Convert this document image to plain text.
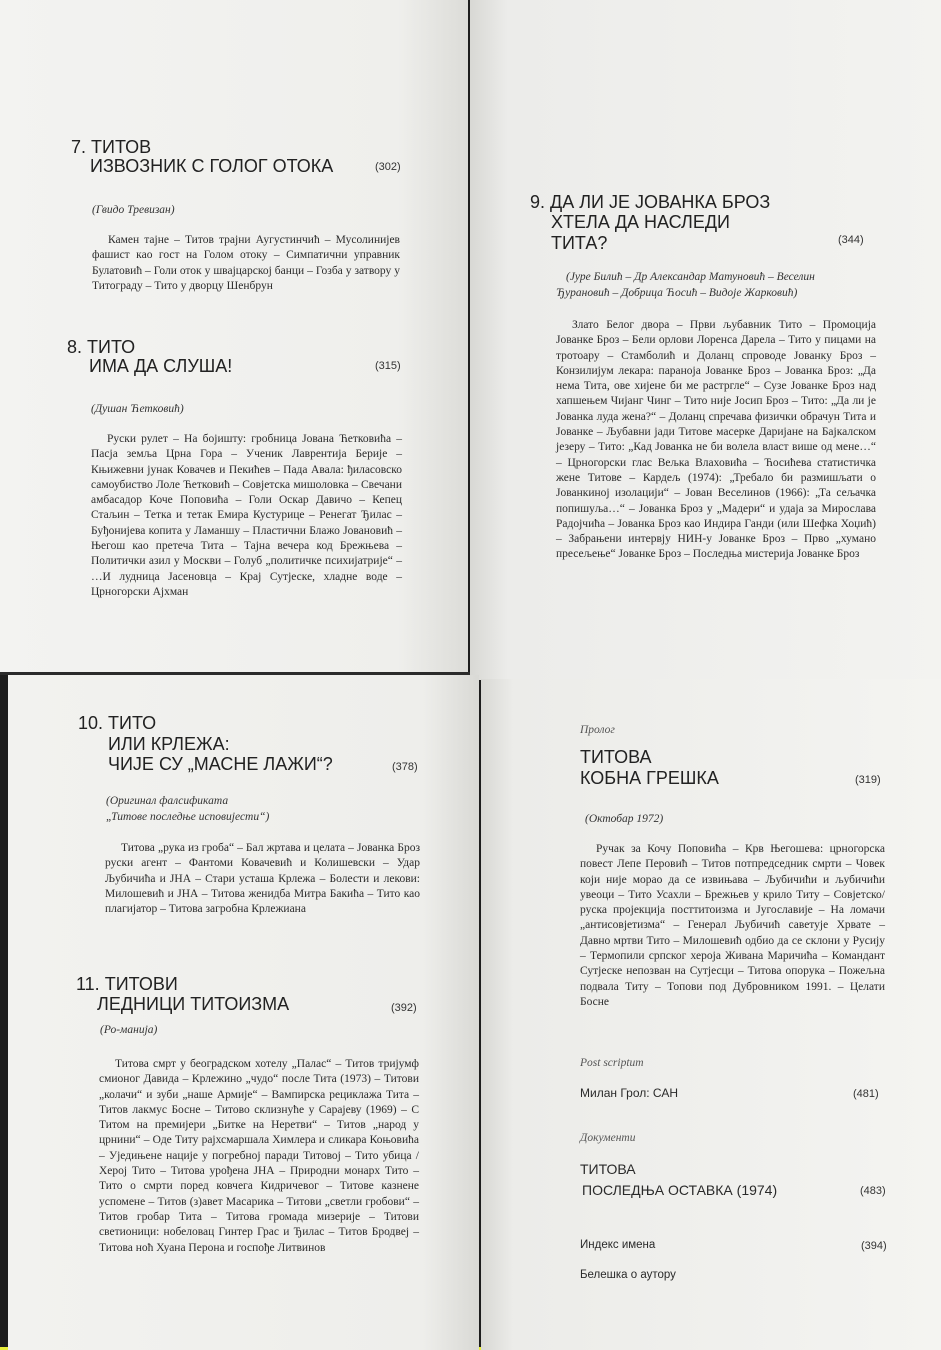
7. ТИТОВ
ИЗВОЗНИК С ГОЛОГ ОТОКА	(302)
(Гвидо Тревизан)

Камен тајне – Титов трајни Аугустинчић – Мусолинијев фашист као гост на Голом отоку – Симпатични управник Булатовић – Голи оток у швајцарској банци – Гозба у затвору у Титограду – Тито у дворцу Шенбрун

8. ТИТО
ИМА ДА СЛУША!	(315)
(Душан Ћетковић)

Руски рулет – На бојишту: гробница Јована Ћетковића – Пасја земља Црна Гора – Ученик Лаврентија Берије – Књижевни јунак Ковачев и Пекићев – Пада Авала: ђиласовско самоубиство Лоле Ћетковић – Совјетска мишоловка – Свечани амбасадор Коче Поповића – Голи Оскар Давичо – Кепец Стаљин – Тетка и тетак Емира Кустурице – Ренегат Ђилас – Буђонијева копита у Ламаншу – Пластични Блажо Јовановић – Његош као претеча Тита – Тајна вечера код Брежњева – Политички азил у Москви – Голуб „политичке психијатрије“ – …И лудница Јасеновца – Крај Сутјеске, хладне воде – Црногорски Ајхман

9. ДА ЛИ ЈЕ ЈОВАНКА БРОЗ
ХТЕЛА ДА НАСЛЕДИ
ТИТА?	(344)
(Јуре Билић – Др Александар Матуновић – Веселин
Ђурановић – Добрица Ћосић – Видоје Жарковић)

Злато Белог двора – Први љубавник Тито – Промоција Јованке Броз – Бели орлови Лоренса Дарела – Тито у пицами на тротоару – Стамболић и Доланц спроводе Јованку Броз – Конзилијум лекара: параноја Јованке Броз – Јованка Броз: „Да нема Тита, ове хијене би ме растргле“ – Сузе Јованке Броз над хапшењем Чијанг Чинг – Тито није Јосип Броз – Тито: „Да ли је Јованка луда жена?“ – Доланц спречава физички обрачун Тита и Јованке – Љубавни јади Титове масерке Даријане на Бајкалском језеру – Тито: „Кад Јованка не би волела власт више од мене…“ – Црногорски глас Вељка Влаховића – Ћосићева статистичка жене Титове – Кардељ (1974): „Требало би размишљати о Јованкиној изолацији“ – Јован Веселинов (1966): „Та сељачка попишуља…“ – Јованка Броз у „Мадери“ и удаја за Мирослава Радојчића – Јованка Броз као Индира Ганди (или Шефка Хоџић) – Забрањени интервју НИН-у Јованке Броз – Прво „хумано пресељење“ Јованке Броз – Последња мистерија Јованке Броз

10. ТИТО
ИЛИ КРЛЕЖА:
ЧИЈЕ СУ „МАСНЕ ЛАЖИ“?	(378)
(Оригинал фалсификата
„Титове последње исповијести“)

Титова „рука из гроба“ – Бал жртава и целата – Јованка Броз руски агент – Фантоми Ковачевић и Колишевски – Удар Љубичића и ЈНА – Стари усташа Крлежа – Болести и лекови: Милошевић и ЈНА – Титова женидба Митра Бакића – Тито као плагијатор – Титова загробна Крлежиана

11. ТИТОВИ
ЛЕДНИЦИ ТИТОИЗМА	(392)
(Ро-манија)

Титова смрт у београдском хотелу „Палас“ – Титов тријумф смионог Давида – Крлежино „чудо“ после Тита (1973) – Титови „колачи“ и зуби „наше Армије“ – Вампирска рециклажа Тита – Титов лакмус Босне – Титово склизнуће у Сарајеву (1969) – С Титом на премијери „Битке на Неретви“ – Титов „народ у црнини“ – Оде Титу рајхсмаршала Химлера и сликара Коњовића – Уједињене нације у погребној паради Титовој – Тито убица / Херој Тито – Титова урођена ЈНА – Природни монарх Тито – Тито о смрти поред ковчега Кидричевог – Титове казнене успомене – Титов (з)авет Масарика – Титови „светли гробови“ – Титов гробар Тита – Титова громада мизерије – Титови светионици: нобеловац Гинтер Грас и Ђилас – Титов Бродвеј – Титова ноћ Хуана Перона и госпође Литвинов

Пролог
ТИТОВА
КОБНА ГРЕШКА	(319)
(Октобар 1972)

Ручак за Кочу Поповића – Крв Његошева: црногорска повест Лепе Перовић – Титов потпредседник смрти – Човек који није морао да се извињава – Љубичићи и љубичићи увеоци – Тито Усахли – Брежњев у крило Титу – Совјетско/руска пројекција посттитоизма и Југославије – На ломачи „антисовјетизма“ – Генерал Љубичић саветује Хрвате – Давно мртви Тито – Милошевић одбио да се склони у Русију – Термопили српског хероја Живана Маричића – Командант Сутјеске непозван на Сутјесци – Титова опорука – Пожељна подвала Титу – Топови под Дубровником 1991. – Целати Босне

Post scriptum
Милан Грол: САН	(481)
Документи
ТИТОВА
ПОСЛЕДЊА ОСТАВКА (1974)	(483)
Индекс имена	(394)
Белешка о аутору
